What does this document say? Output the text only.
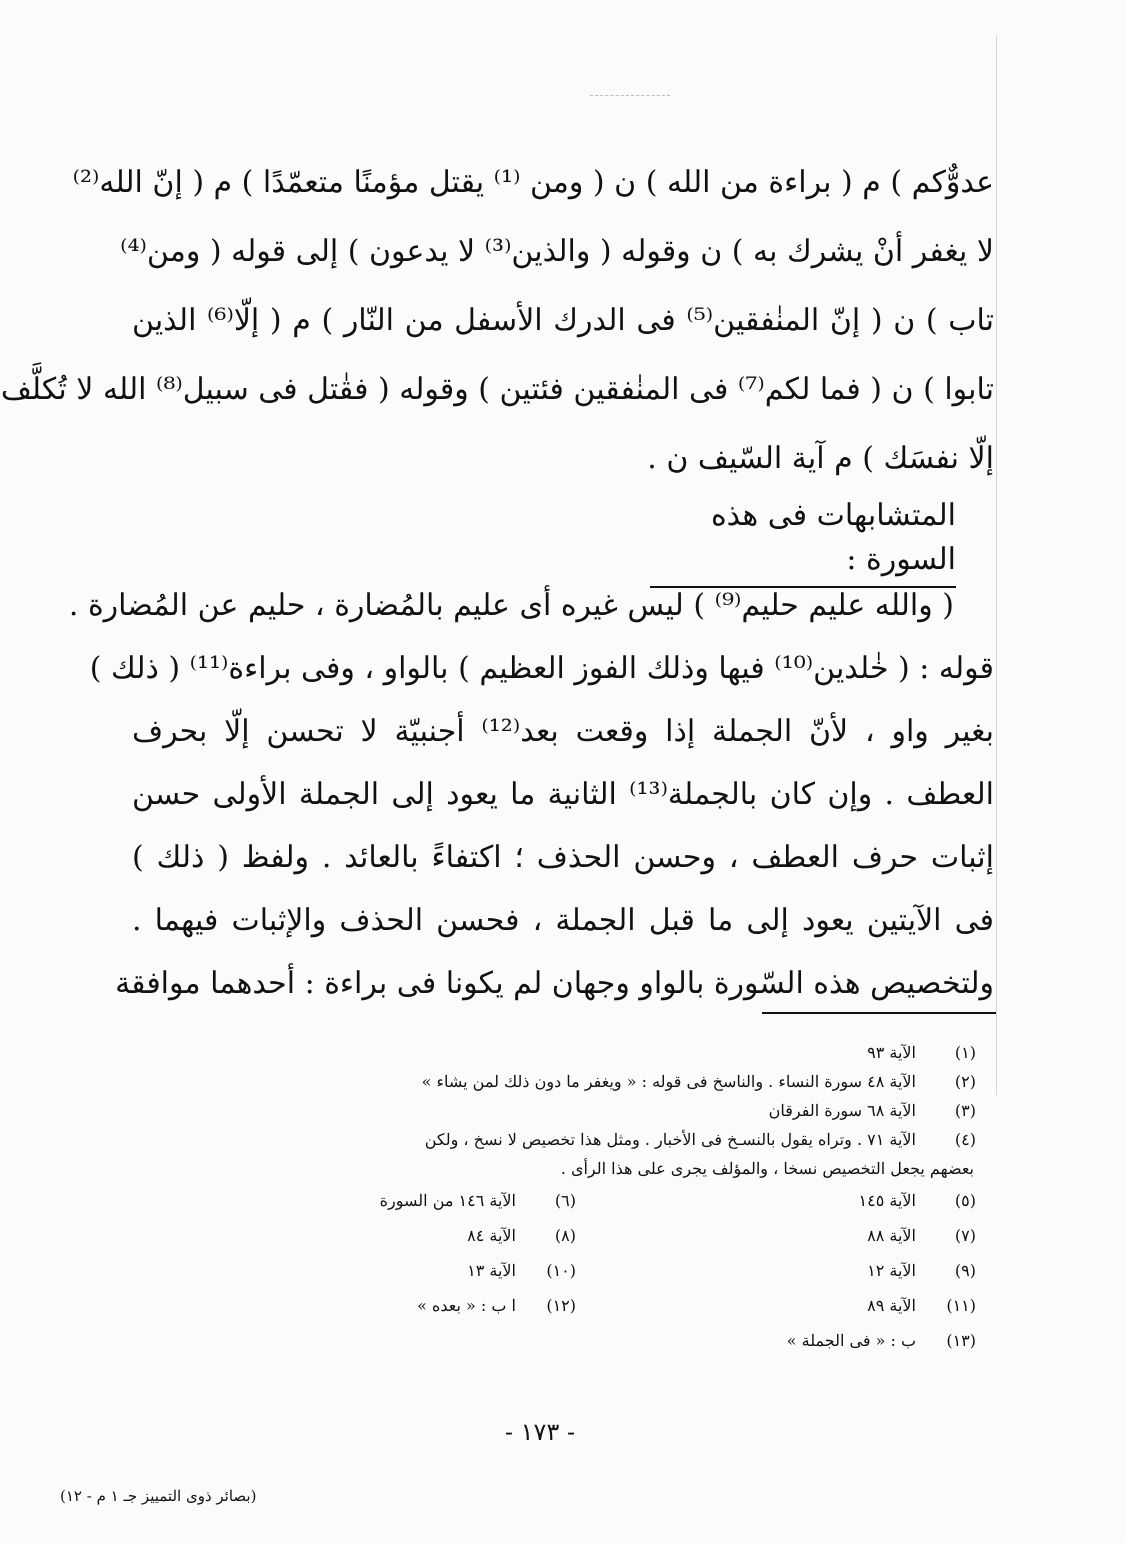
عدوٌّكم ) م ( براءة من الله ) ن ( ومن ⁽¹⁾ يقتل مؤمنًا متعمّدًا ) م ( إنّ الله⁽²⁾
لا يغفر أنْ يشرك به ) ن وقوله ( والذين⁽³⁾ لا يدعون ) إلى قوله ( ومن⁽⁴⁾
تاب ) ن ( إنّ المنٰفقين⁽⁵⁾ فى الدرك الأسفل من النّار ) م ( إلّا⁽⁶⁾ الذين
تابوا ) ن ( فما لكم⁽⁷⁾ فى المنٰفقين فئتين ) وقوله ( فقٰتل فى سبيل⁽⁸⁾ الله لا تُكلَّف
إلّا نفسَك ) م آية السّيف ن .
المتشابهات فى هذه السورة :
( والله عليم حليم⁽⁹⁾ ) ليس غيره أى عليم بالمُضارة ، حليم عن المُضارة .
قوله : ( خٰلدين⁽¹⁰⁾ فيها وذلك الفوز العظيم ) بالواو ، وفى براءة⁽¹¹⁾ ( ذلك )
بغير واو ، لأنّ الجملة إذا وقعت بعد⁽¹²⁾ أجنبيّة لا تحسن إلّا بحرف
العطف . وإن كان بالجملة⁽¹³⁾ الثانية ما يعود إلى الجملة الأولى حسن
إثبات حرف العطف ، وحسن الحذف ؛ اكتفاءً بالعائد . ولفظ ( ذلك )
فى الآيتين يعود إلى ما قبل الجملة ، فحسن الحذف والإثبات فيهما .
ولتخصيص هذه السّورة بالواو وجهان لم يكونا فى براءة : أحدهما موافقة
(١)
الآية ٩٣
(٢)
الآية ٤٨ سورة النساء . والناسخ فى قوله : « ويغفر ما دون ذلك لمن يشاء »
(٣)
الآية ٦٨ سورة الفرقان
(٤)
الآية ٧١ . وتراه يقول بالنسـخ فى الأخبار . ومثل هذا تخصيص لا نسخ ، ولكن
بعضهم يجعل التخصيص نسخا ، والمؤلف يجرى على هذا الرأى .
(٥)
الآية ١٤٥
(٦)
الآية ١٤٦ من السورة
(٧)
الآية ٨٨
(٨)
الآية ٨٤
(٩)
الآية ١٢
(١٠)
الآية ١٣
(١١)
الآية ٨٩
(١٢)
ا ب : « بعده »
(١٣)
ب : « فى الجملة »
- ١٧٣ -
(بصائر ذوى التمييز جـ ١ م - ١٢)
